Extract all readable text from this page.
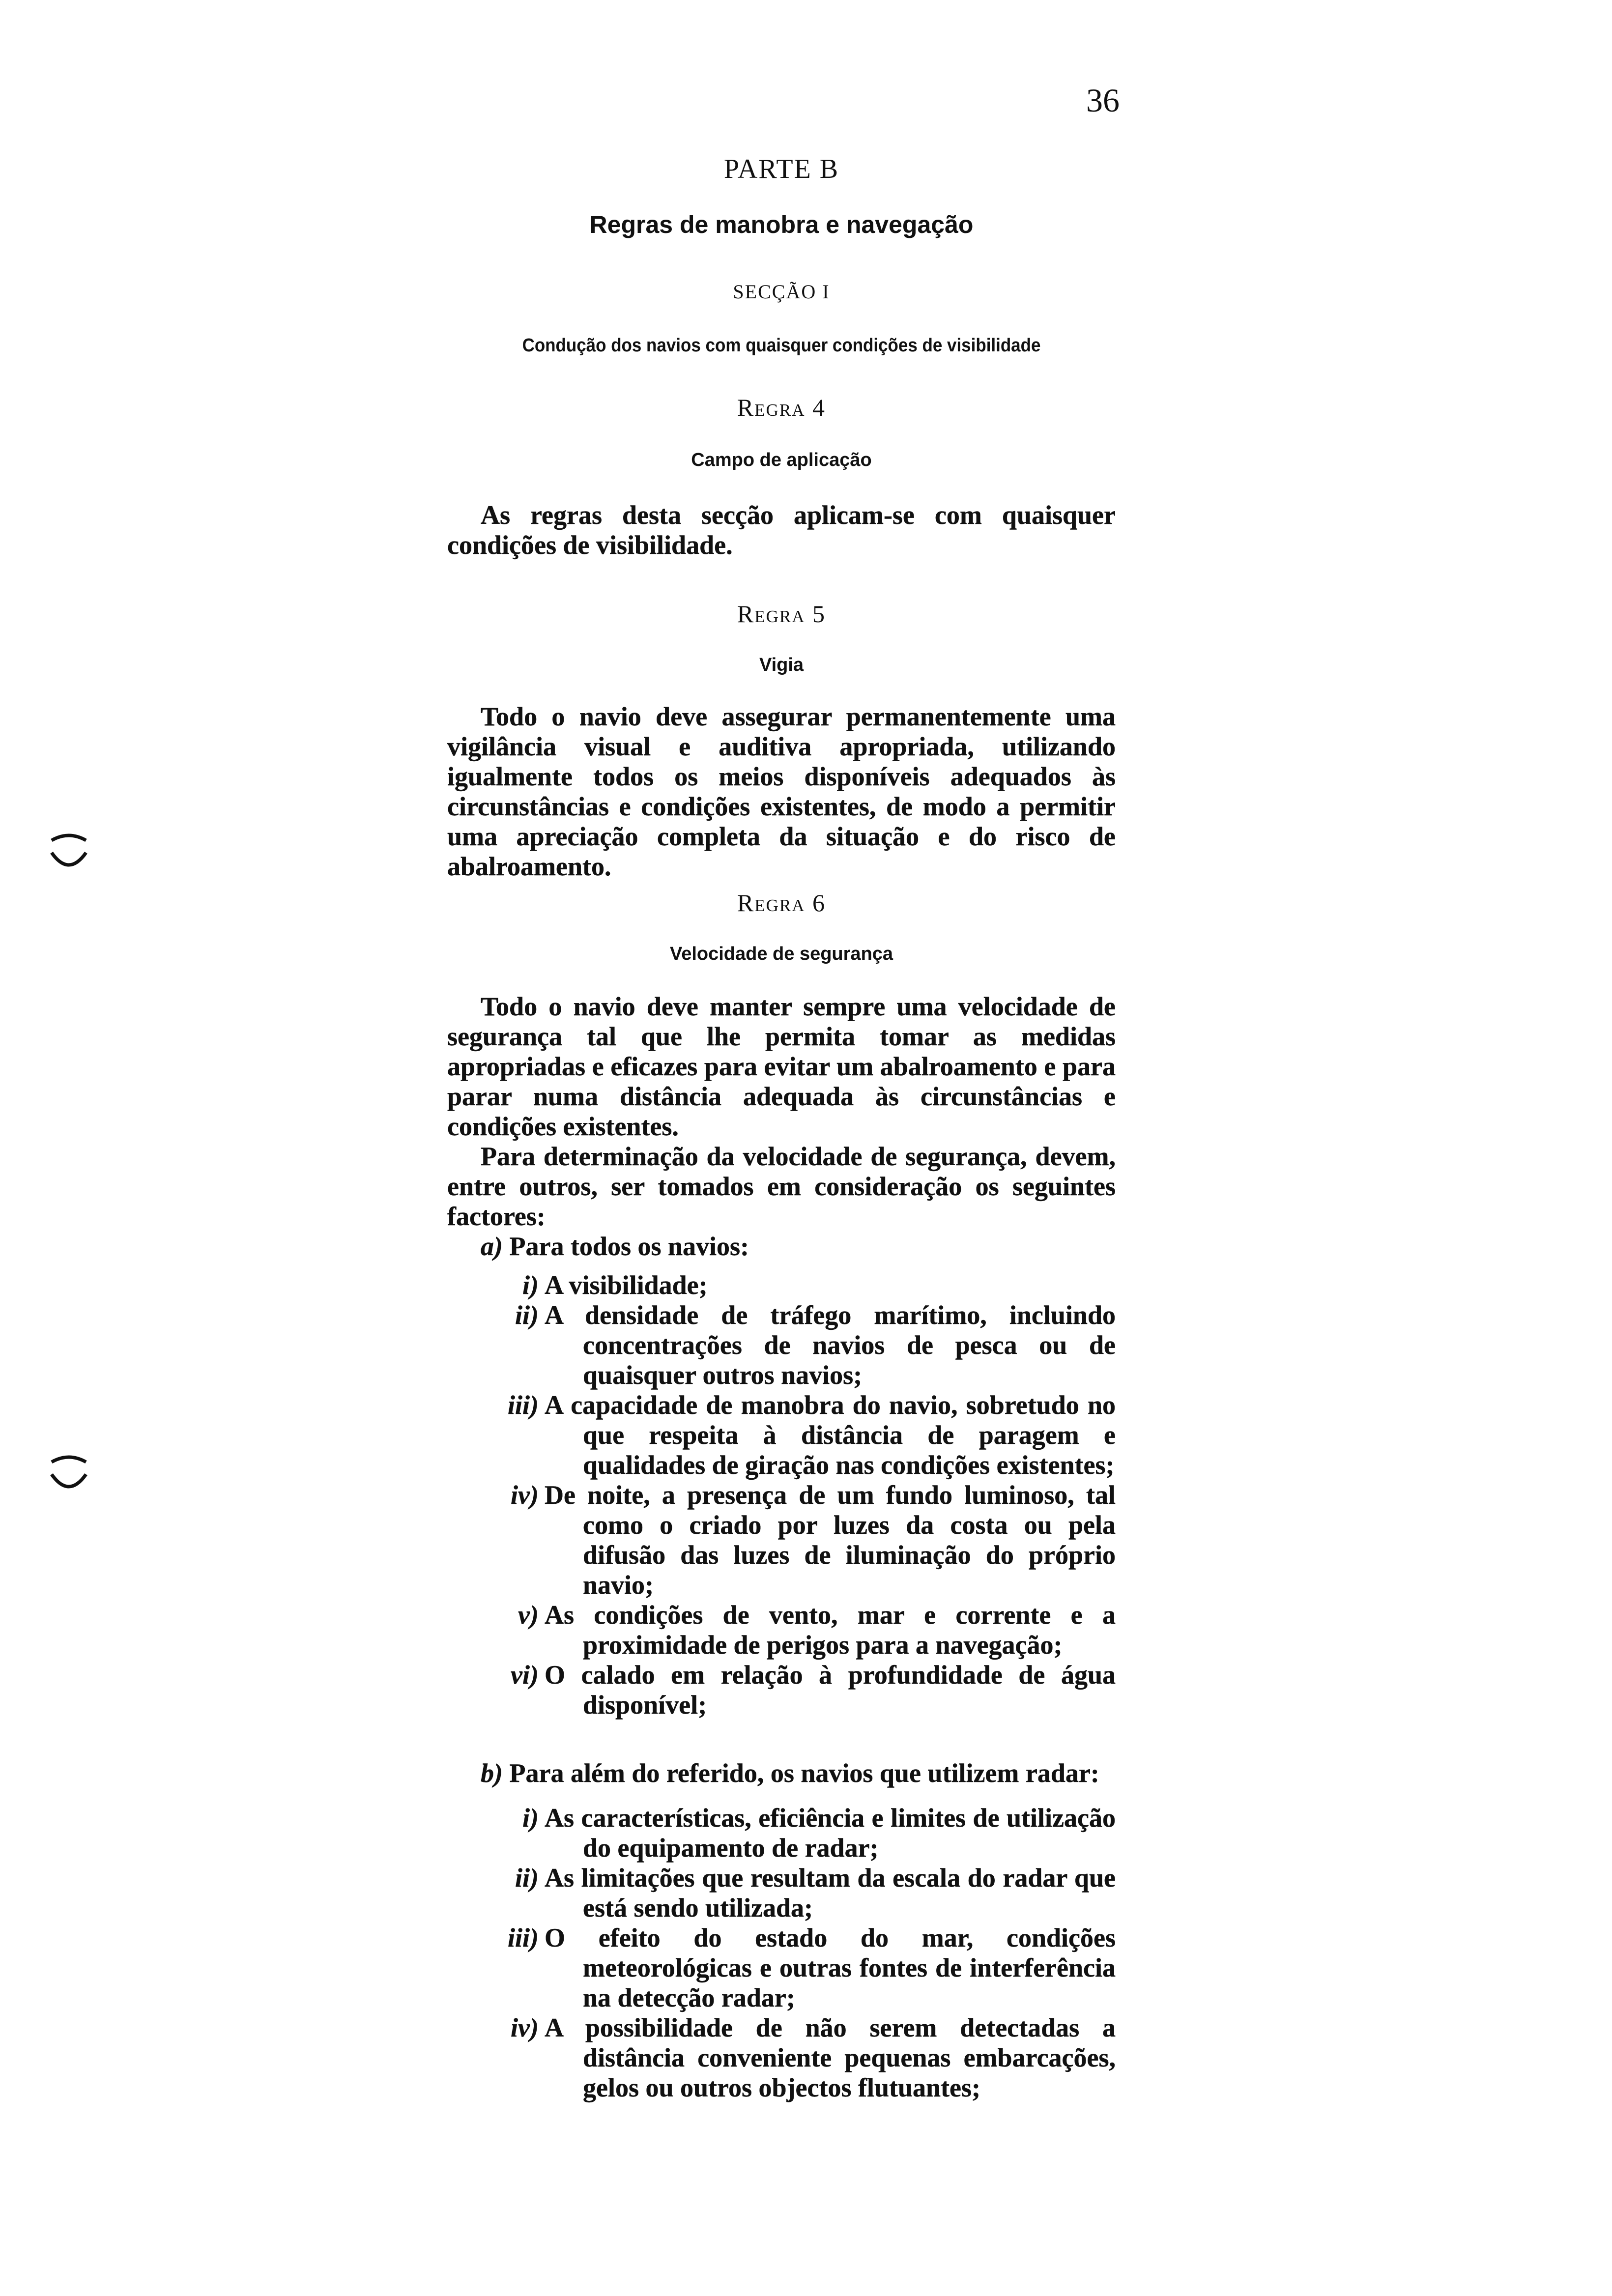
36
PARTE B
Regras de manobra e navegação
SECÇÃO I
Condução dos navios com quaisquer condições de visibilidade
Regra 4
Campo de aplicação

As regras desta secção aplicam-se com quaisquer condições de visibilidade.

Regra 5
Vigia

Todo o navio deve assegurar permanentemente uma vigilância visual e auditiva apropriada, utilizando igualmente todos os meios disponíveis adequados às circunstâncias e condições existentes, de modo a permitir uma apreciação completa da situação e do risco de abalroamento.

Regra 6
Velocidade de segurança

Todo o navio deve manter sempre uma velocidade de segurança tal que lhe permita tomar as medidas apropriadas e eficazes para evitar um abalroamento e para parar numa distância adequada às circunstâncias e condições existentes.

Para determinação da velocidade de segurança, devem, entre outros, ser tomados em consideração os seguintes factores:

a) Para todos os navios:
i) A visibilidade;
ii) A densidade de tráfego marítimo, incluindo concentrações de navios de pesca ou de quaisquer outros navios;
iii) A capacidade de manobra do navio, sobretudo no que respeita à distância de paragem e qualidades de giração nas condições existentes;
iv) De noite, a presença de um fundo luminoso, tal como o criado por luzes da costa ou pela difusão das luzes de iluminação do próprio navio;
v) As condições de vento, mar e corrente e a proximidade de perigos para a navegação;
vi) O calado em relação à profundidade de água disponível;
b) Para além do referido, os navios que utilizem radar:
i) As características, eficiência e limites de utilização do equipamento de radar;
ii) As limitações que resultam da escala do radar que está sendo utilizada;
iii) O efeito do estado do mar, condições meteorológicas e outras fontes de interferência na detecção radar;
iv) A possibilidade de não serem detectadas a distância conveniente pequenas embarcações, gelos ou outros objectos flutuantes;
